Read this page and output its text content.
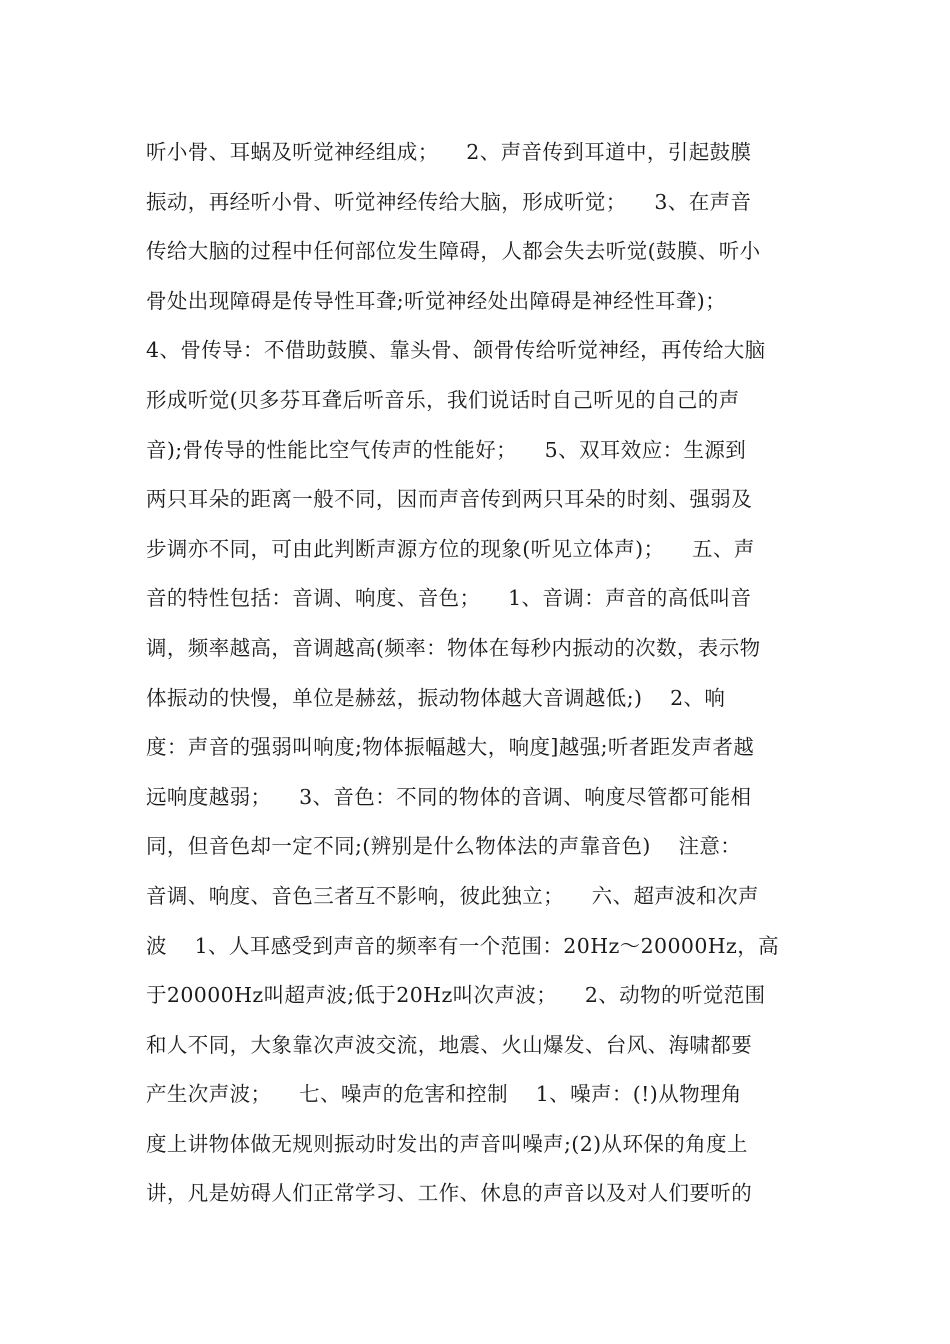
听小骨、耳蜗及听觉神经组成；    2、声音传到耳道中，引起鼓膜
振动，再经听小骨、听觉神经传给大脑，形成听觉；    3、在声音
传给大脑的过程中任何部位发生障碍，人都会失去听觉(鼓膜、听小
骨处出现障碍是传导性耳聋;听觉神经处出障碍是神经性耳聋)；
4、骨传导：不借助鼓膜、靠头骨、颌骨传给听觉神经，再传给大脑
形成听觉(贝多芬耳聋后听音乐，我们说话时自己听见的自己的声
音);骨传导的性能比空气传声的性能好；    5、双耳效应：生源到
两只耳朵的距离一般不同，因而声音传到两只耳朵的时刻、强弱及
步调亦不同，可由此判断声源方位的现象(听见立体声)；    五、声
音的特性包括：音调、响度、音色；    1、音调：声音的高低叫音
调，频率越高，音调越高(频率：物体在每秒内振动的次数，表示物
体振动的快慢，单位是赫兹，振动物体越大音调越低;)    2、响
度：声音的强弱叫响度;物体振幅越大，响度]越强;听者距发声者越
远响度越弱；    3、音色：不同的物体的音调、响度尽管都可能相
同，但音色却一定不同;(辨别是什么物体法的声靠音色)    注意：
音调、响度、音色三者互不影响，彼此独立；    六、超声波和次声
波    1、人耳感受到声音的频率有一个范围：20Hz～20000Hz，高
于20000Hz叫超声波;低于20Hz叫次声波；    2、动物的听觉范围
和人不同，大象靠次声波交流，地震、火山爆发、台风、海啸都要
产生次声波；    七、噪声的危害和控制    1、噪声：(!)从物理角
度上讲物体做无规则振动时发出的声音叫噪声;(2)从环保的角度上
讲，凡是妨碍人们正常学习、工作、休息的声音以及对人们要听的
